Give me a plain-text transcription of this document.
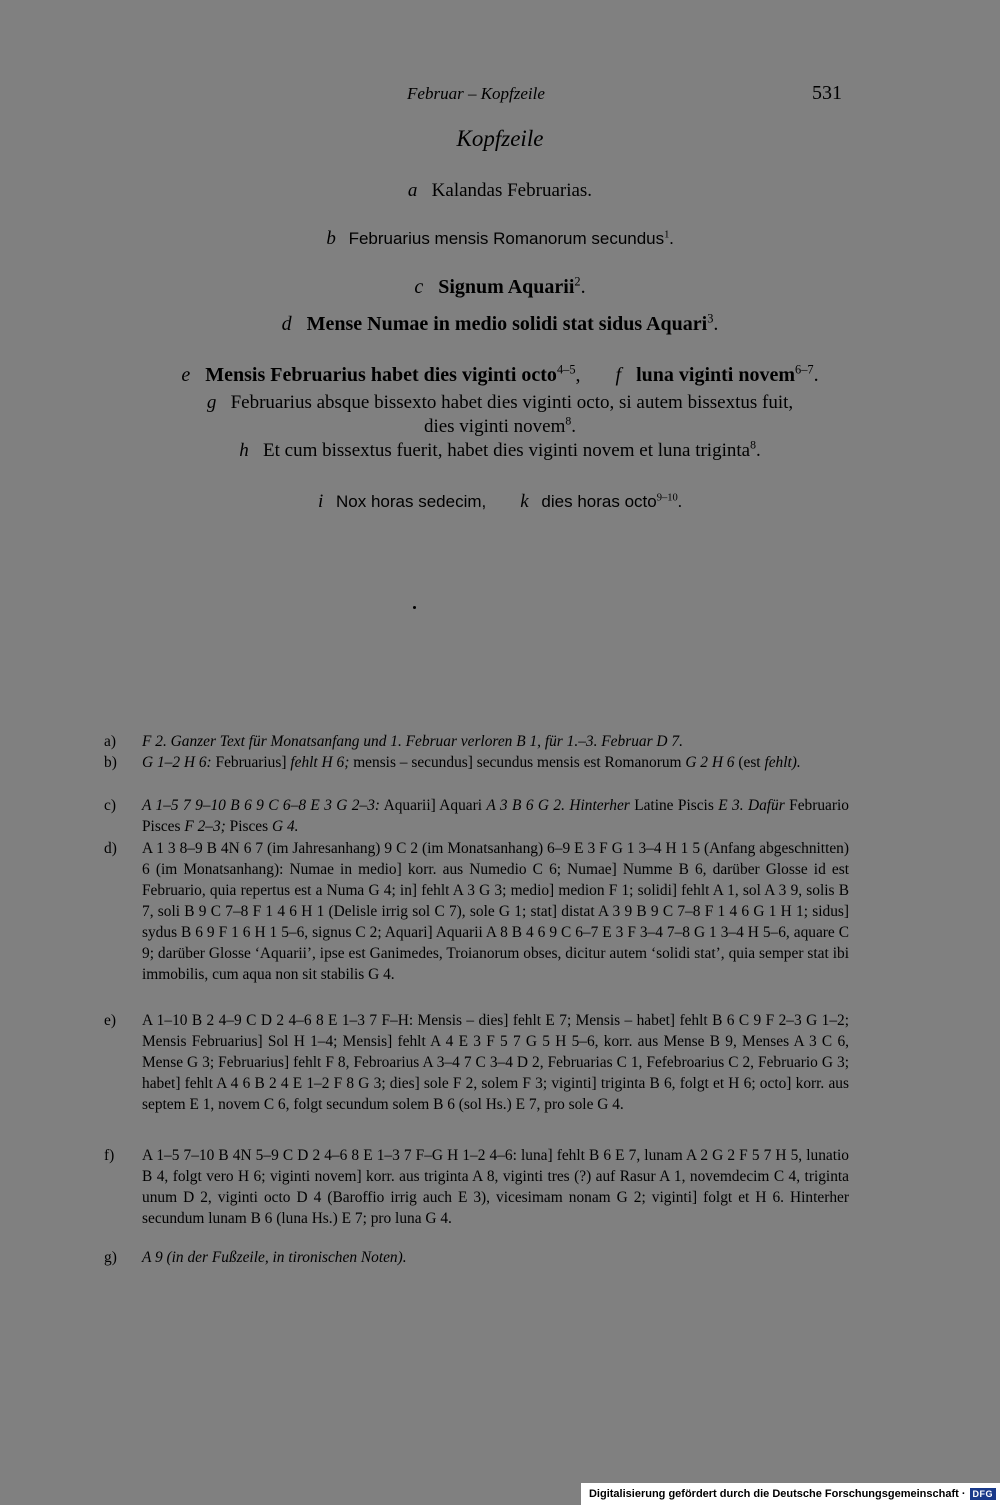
Februar – Kopfzeile	531
Kopfzeile
a Kalandas Februarias.
b Februarius mensis Romanorum secundus$^1$.
c Signum Aquarii$^2$.
d Mense Numae in medio solidi stat sidus Aquari$^3$.
e Mensis Februarius habet dies viginti octo$^{4-5}$, f luna viginti novem$^{6-7}$.
g Februarius absque bissexto habet dies viginti octo, si autem bissextus fuit,
dies viginti novem$^8$.
h Et cum bissextus fuerit, habet dies viginti novem et luna triginta$^8$.
i Nox horas sedecim, k dies horas octo$^{9-10}$.
a)	F 2. Ganzer Text für Monatsanfang und 1. Februar verloren B 1, für 1.–3. Februar D 7.
b)	G 1–2 H 6: Februarius] fehlt H 6; mensis – secundus] secundus mensis est Romanorum G 2 H 6 (est fehlt).
c)	A 1–5 7 9–10 B 6 9 C 6–8 E 3 G 2–3: Aquarii] Aquari A 3 B 6 G 2. Hinterher Latine Piscis E 3. Dafür Februario Pisces F 2–3; Pisces G 4.
d)	A 1 3 8–9 B 4N 6 7 (im Jahresanhang) 9 C 2 (im Monatsanhang) 6–9 E 3 F G 1 3–4 H 1 5 (Anfang abgeschnitten) 6 (im Monatsanhang): Numae in medio] korr. aus Numedio C 6; Numae] Numme B 6, darüber Glosse id est Februario, quia repertus est a Numa G 4; in] fehlt A 3 G 3; medio] medion F 1; solidi] fehlt A 1, sol A 3 9, solis B 7, soli B 9 C 7–8 F 1 4 6 H 1 (Delisle irrig sol C 7), sole G 1; stat] distat A 3 9 B 9 C 7–8 F 1 4 6 G 1 H 1; sidus] sydus B 6 9 F 1 6 H 1 5–6, signus C 2; Aquari] Aquarii A 8 B 4 6 9 C 6–7 E 3 F 3–4 7–8 G 1 3–4 H 5–6, aquare C 9; darüber Glosse ‘Aquarii’, ipse est Ganimedes, Troianorum obses, dicitur autem ‘solidi stat’, quia semper stat ibi immobilis, cum aqua non sit stabilis G 4.
e)	A 1–10 B 2 4–9 C D 2 4–6 8 E 1–3 7 F–H: Mensis – dies] fehlt E 7; Mensis – habet] fehlt B 6 C 9 F 2–3 G 1–2; Mensis Februarius] Sol H 1–4; Mensis] fehlt A 4 E 3 F 5 7 G 5 H 5–6, korr. aus Mense B 9, Menses A 3 C 6, Mense G 3; Februarius] fehlt F 8, Febroarius A 3–4 7 C 3–4 D 2, Februarias C 1, Fefebroarius C 2, Februario G 3; habet] fehlt A 4 6 B 2 4 E 1–2 F 8 G 3; dies] sole F 2, solem F 3; viginti] triginta B 6, folgt et H 6; octo] korr. aus septem E 1, novem C 6, folgt secundum solem B 6 (sol Hs.) E 7, pro sole G 4.
f)	A 1–5 7–10 B 4N 5–9 C D 2 4–6 8 E 1–3 7 F–G H 1–2 4–6: luna] fehlt B 6 E 7, lunam A 2 G 2 F 5 7 H 5, lunatio B 4, folgt vero H 6; viginti novem] korr. aus triginta A 8, viginti tres (?) auf Rasur A 1, novemdecim C 4, triginta unum D 2, viginti octo D 4 (Baroffio irrig auch E 3), vicesimam nonam G 2; viginti] folgt et H 6. Hinterher secundum lunam B 6 (luna Hs.) E 7; pro luna G 4.
g)	A 9 (in der Fußzeile, in tironischen Noten).
Digitalisierung gefördert durch die Deutsche Forschungsgemeinschaft · DFG
